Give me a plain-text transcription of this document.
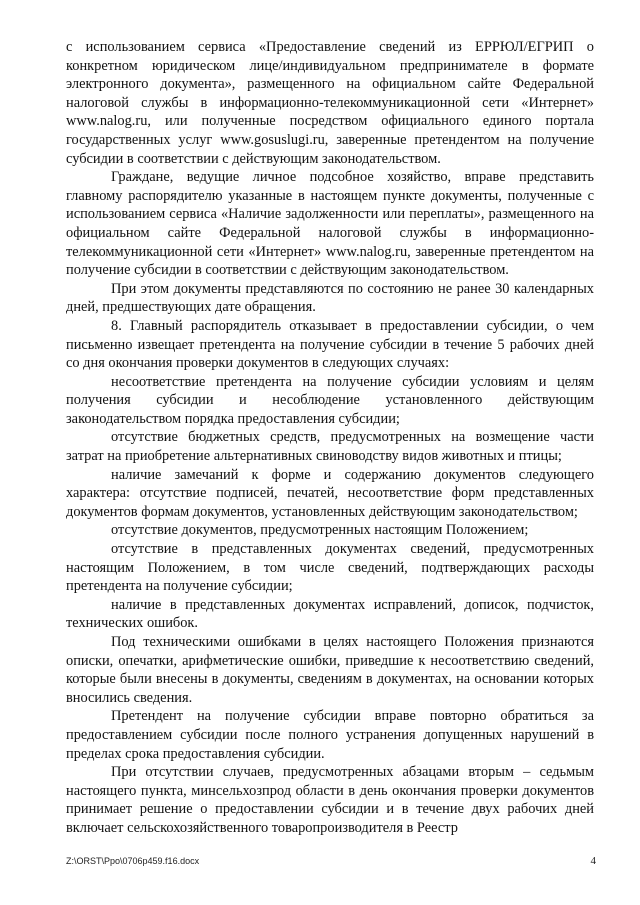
с использованием сервиса «Предоставление сведений из ЕРРЮЛ/ЕГРИП о конкретном юридическом лице/индивидуальном предпринимателе в формате электронного документа», размещенного на официальном сайте Федеральной налоговой службы в информационно-телекоммуникационной сети «Интернет» www.nalog.ru, или полученные посредством официального единого портала государственных услуг www.gosuslugi.ru, заверенные претендентом на получение субсидии в соответствии с действующим законодательством.

Граждане, ведущие личное подсобное хозяйство, вправе представить главному распорядителю указанные в настоящем пункте документы, полученные с использованием сервиса «Наличие задолженности или переплаты», размещенного на официальном сайте Федеральной налоговой службы в информационно-телекоммуникационной сети «Интернет» www.nalog.ru, заверенные претендентом на получение субсидии в соответствии с действующим законодательством.

При этом документы представляются по состоянию не ранее 30 календарных дней, предшествующих дате обращения.

8. Главный распорядитель отказывает в предоставлении субсидии, о чем письменно извещает претендента на получение субсидии в течение 5 рабочих дней со дня окончания проверки документов в следующих случаях:

несоответствие претендента на получение субсидии условиям и целям получения субсидии и несоблюдение установленного действующим законодательством порядка предоставления субсидии;

отсутствие бюджетных средств, предусмотренных на возмещение части затрат на приобретение альтернативных свиноводству видов животных и птицы;

наличие замечаний к форме и содержанию документов следующего характера: отсутствие подписей, печатей, несоответствие форм представленных документов формам документов, установленных действующим законодательством;

отсутствие документов, предусмотренных настоящим Положением;

отсутствие в представленных документах сведений, предусмотренных настоящим Положением, в том числе сведений, подтверждающих расходы претендента на получение субсидии;

наличие в представленных документах исправлений, дописок, подчисток, технических ошибок.

Под техническими ошибками в целях настоящего Положения признаются описки, опечатки, арифметические ошибки, приведшие к несоответствию сведений, которые были внесены в документы, сведениям в документах, на основании которых вносились сведения.

Претендент на получение субсидии вправе повторно обратиться за предоставлением субсидии после полного устранения допущенных нарушений в пределах срока предоставления субсидии.

При отсутствии случаев, предусмотренных абзацами вторым – седьмым настоящего пункта, минсельхозпрод области в день окончания проверки документов принимает решение о предоставлении субсидии и в течение двух рабочих дней включает сельскохозяйственного товаропроизводителя в Реестр

Z:\ORST\Ppo\0706p459.f16.docx	4
